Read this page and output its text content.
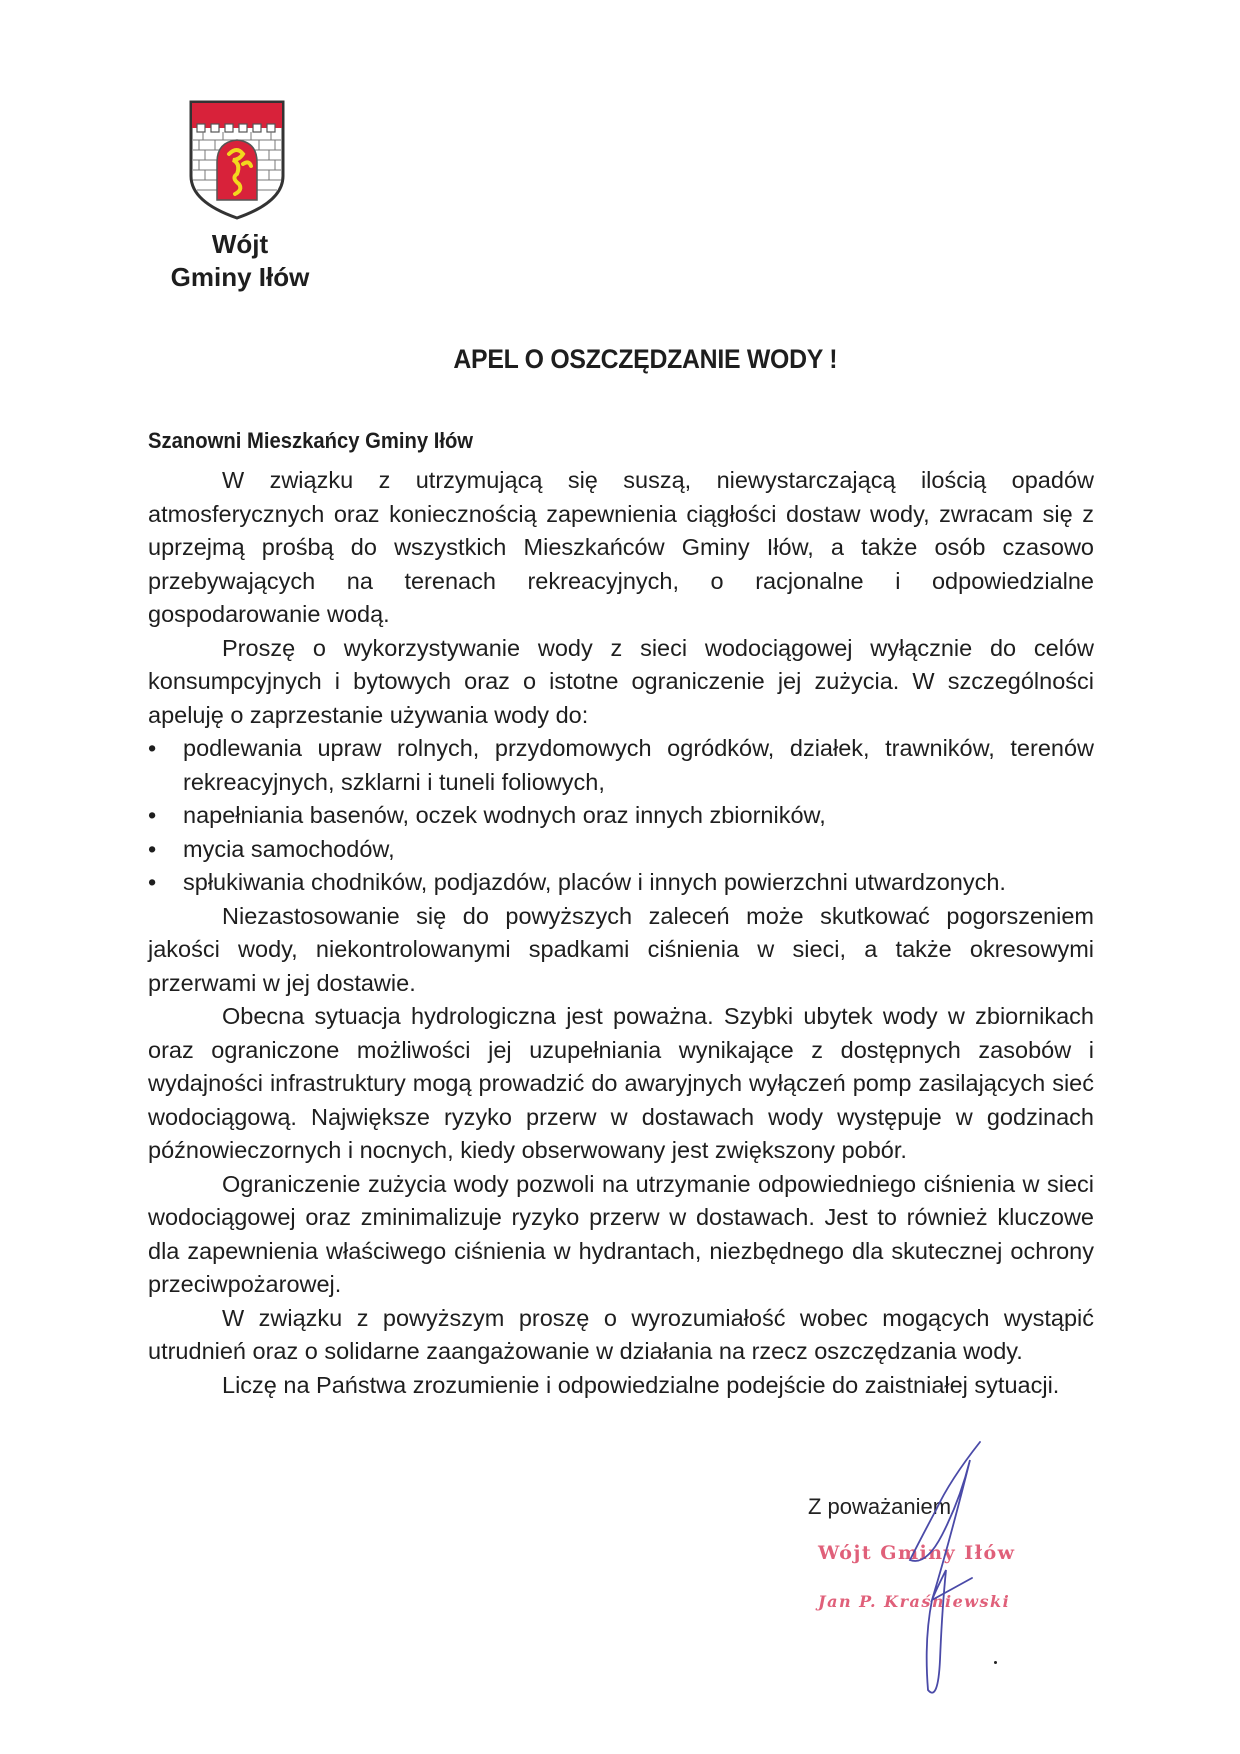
Wójt
Gminy Iłów
APEL O OSZCZĘDZANIE WODY !
Szanowni Mieszkańcy Gminy Iłów

W związku z utrzymującą się suszą, niewystarczającą ilością opadów atmosferycznych oraz koniecznością zapewnienia ciągłości dostaw wody, zwracam się z uprzejmą prośbą do wszystkich Mieszkańców Gminy Iłów, a także osób czasowo przebywających na terenach rekreacyjnych, o racjonalne i odpowiedzialne gospodarowanie wodą.

Proszę o wykorzystywanie wody z sieci wodociągowej wyłącznie do celów konsumpcyjnych i bytowych oraz o istotne ograniczenie jej zużycia. W szczególności apeluję o zaprzestanie używania wody do:

•	podlewania upraw rolnych, przydomowych ogródków, działek, trawników, terenów rekreacyjnych, szklarni i tuneli foliowych,
•	napełniania basenów, oczek wodnych oraz innych zbiorników,
•	mycia samochodów,
•	spłukiwania chodników, podjazdów, placów i innych powierzchni utwardzonych.

Niezastosowanie się do powyższych zaleceń może skutkować pogorszeniem jakości wody, niekontrolowanymi spadkami ciśnienia w sieci, a także okresowymi przerwami w jej dostawie.

Obecna sytuacja hydrologiczna jest poważna. Szybki ubytek wody w zbiornikach oraz ograniczone możliwości jej uzupełniania wynikające z dostępnych zasobów i wydajności infrastruktury mogą prowadzić do awaryjnych wyłączeń pomp zasilających sieć wodociągową. Największe ryzyko przerw w dostawach wody występuje w godzinach późnowieczornych i nocnych, kiedy obserwowany jest zwiększony pobór.

Ograniczenie zużycia wody pozwoli na utrzymanie odpowiedniego ciśnienia w sieci wodociągowej oraz zminimalizuje ryzyko przerw w dostawach. Jest to również kluczowe dla zapewnienia właściwego ciśnienia w hydrantach, niezbędnego dla skutecznej ochrony przeciwpożarowej.

W związku z powyższym proszę o wyrozumiałość wobec mogących wystąpić utrudnień oraz o solidarne zaangażowanie w działania na rzecz oszczędzania wody.

Liczę na Państwa zrozumienie i odpowiedzialne podejście do zaistniałej sytuacji.

Z poważaniem
Wójt Gminy Iłów
Jan P. Kraśniewski
